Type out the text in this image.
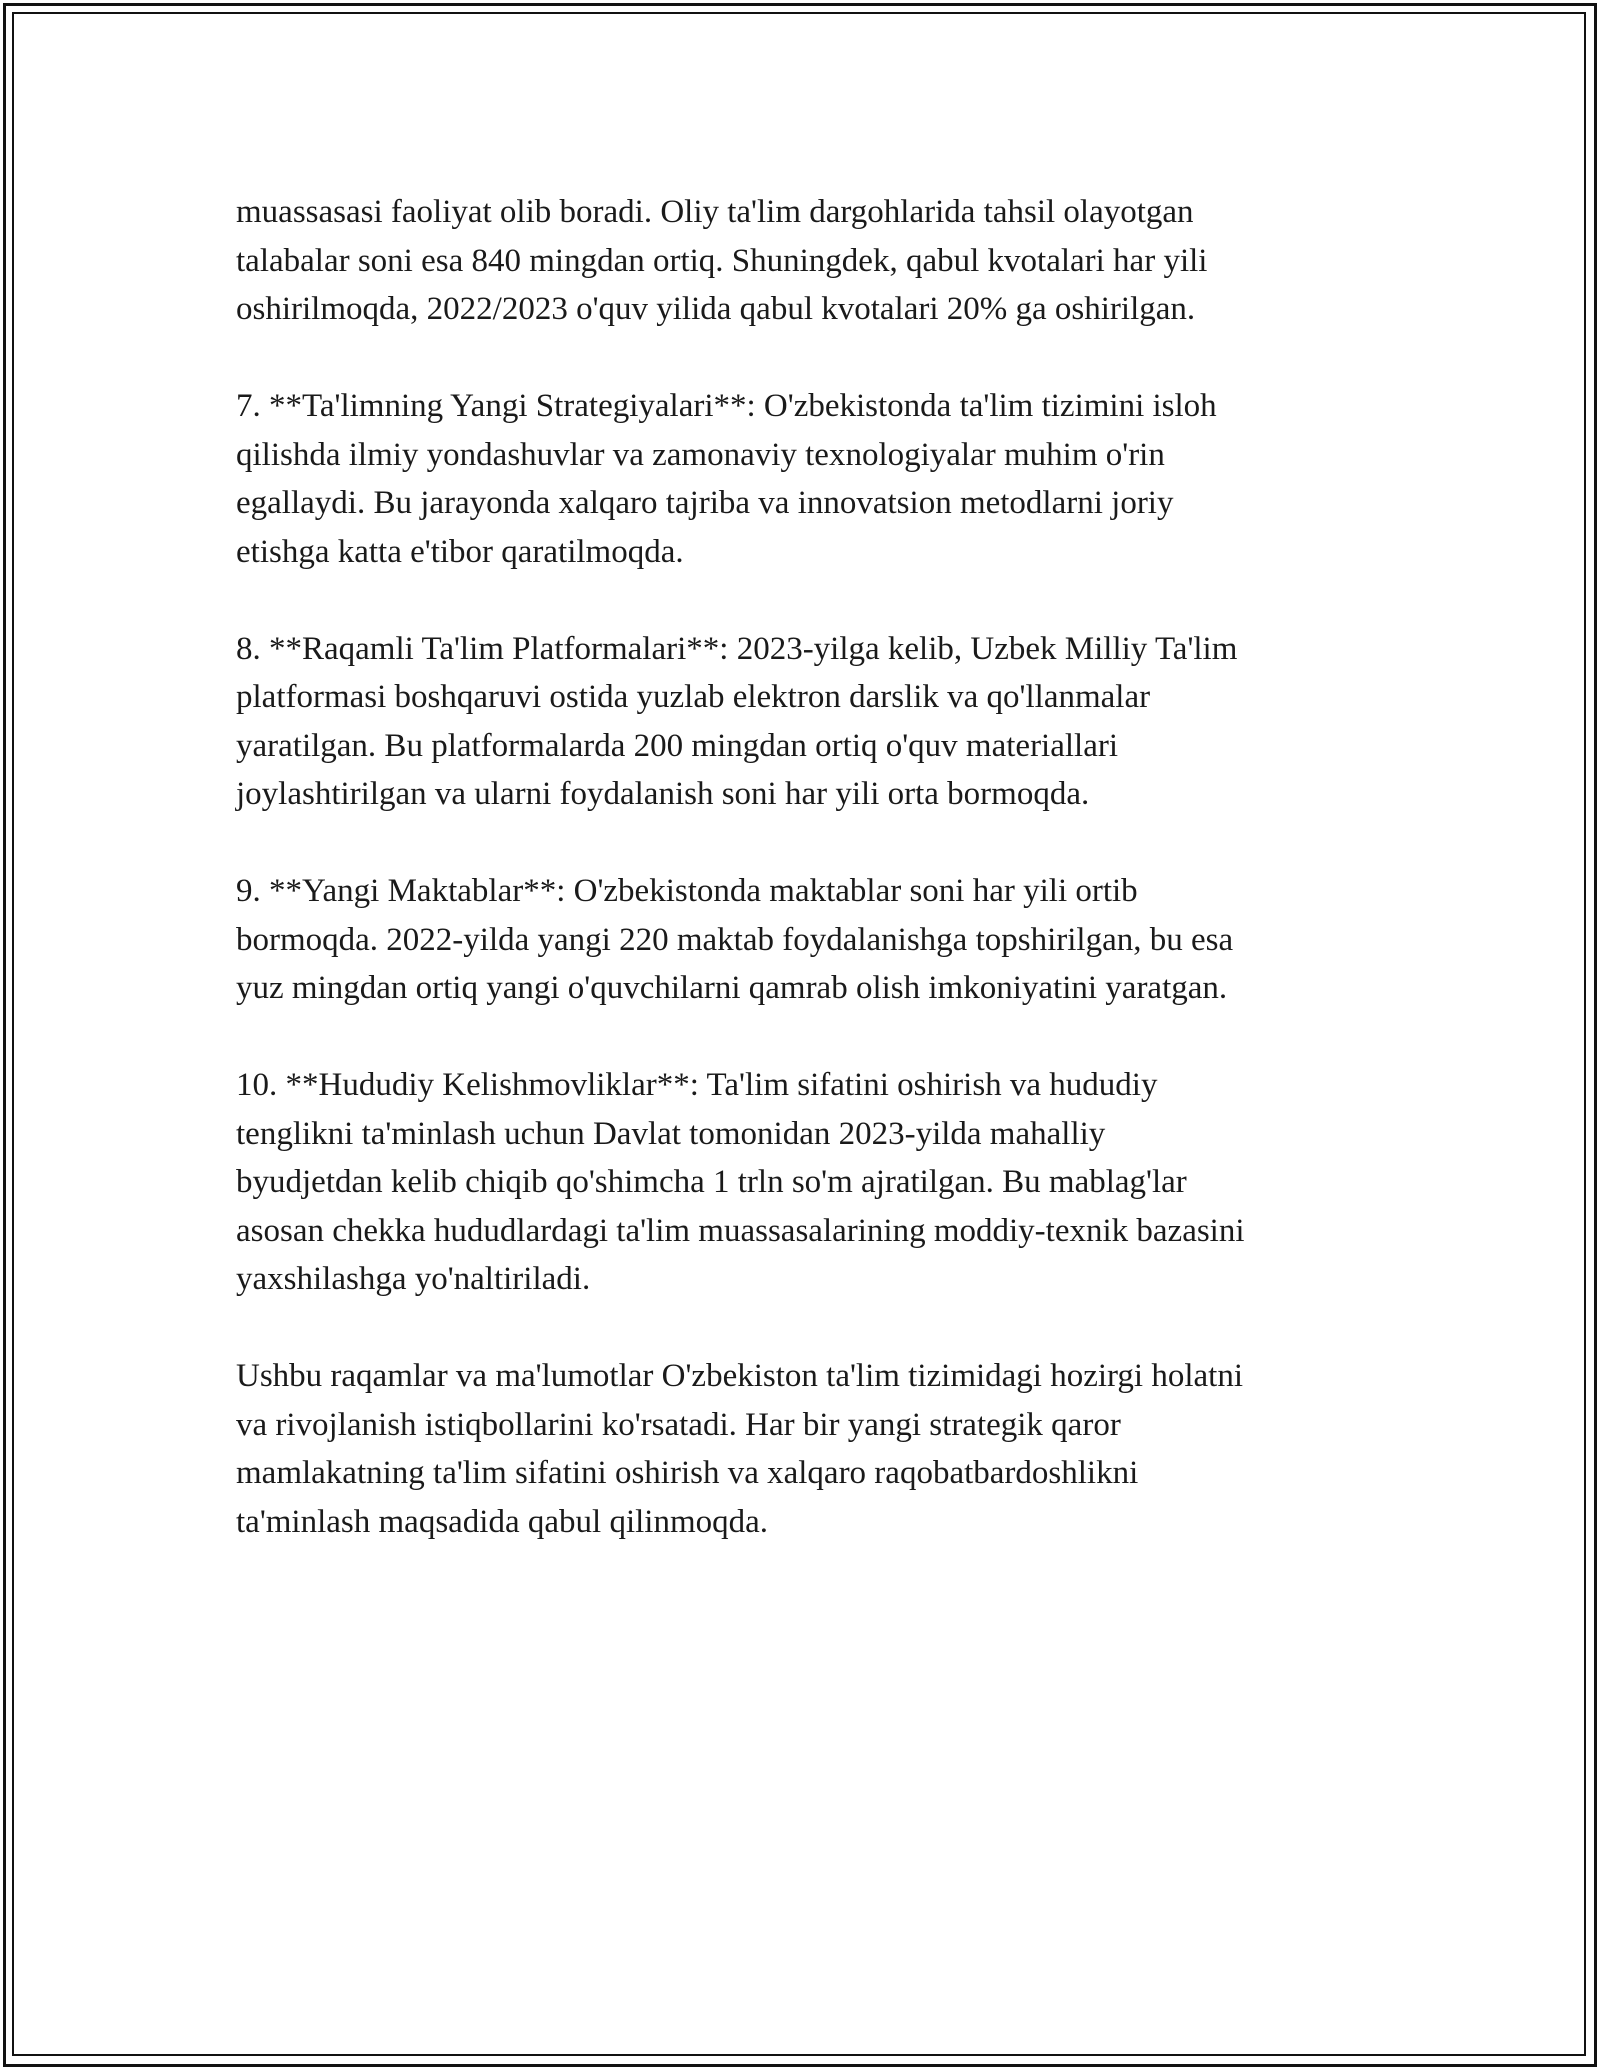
muassasasi faoliyat olib boradi. Oliy ta'lim dargohlarida tahsil olayotgan
talabalar soni esa 840 mingdan ortiq. Shuningdek, qabul kvotalari har yili
oshirilmoqda, 2022/2023 o'quv yilida qabul kvotalari 20% ga oshirilgan.

7. **Ta'limning Yangi Strategiyalari**: O'zbekistonda ta'lim tizimini isloh
qilishda ilmiy yondashuvlar va zamonaviy texnologiyalar muhim o'rin
egallaydi. Bu jarayonda xalqaro tajriba va innovatsion metodlarni joriy
etishga katta e'tibor qaratilmoqda.

8. **Raqamli Ta'lim Platformalari**: 2023-yilga kelib, Uzbek Milliy Ta'lim
platformasi boshqaruvi ostida yuzlab elektron darslik va qo'llanmalar
yaratilgan. Bu platformalarda 200 mingdan ortiq o'quv materiallari
joylashtirilgan va ularni foydalanish soni har yili orta bormoqda.

9. **Yangi Maktablar**: O'zbekistonda maktablar soni har yili ortib
bormoqda. 2022-yilda yangi 220 maktab foydalanishga topshirilgan, bu esa
yuz mingdan ortiq yangi o'quvchilarni qamrab olish imkoniyatini yaratgan.

10. **Hududiy Kelishmovliklar**: Ta'lim sifatini oshirish va hududiy
tenglikni ta'minlash uchun Davlat tomonidan 2023-yilda mahalliy
byudjetdan kelib chiqib qo'shimcha 1 trln so'm ajratilgan. Bu mablag'lar
asosan chekka hududlardagi ta'lim muassasalarining moddiy-texnik bazasini
yaxshilashga yo'naltiriladi.

Ushbu raqamlar va ma'lumotlar O'zbekiston ta'lim tizimidagi hozirgi holatni
va rivojlanish istiqbollarini ko'rsatadi. Har bir yangi strategik qaror
mamlakatning ta'lim sifatini oshirish va xalqaro raqobatbardoshlikni
ta'minlash maqsadida qabul qilinmoqda.
